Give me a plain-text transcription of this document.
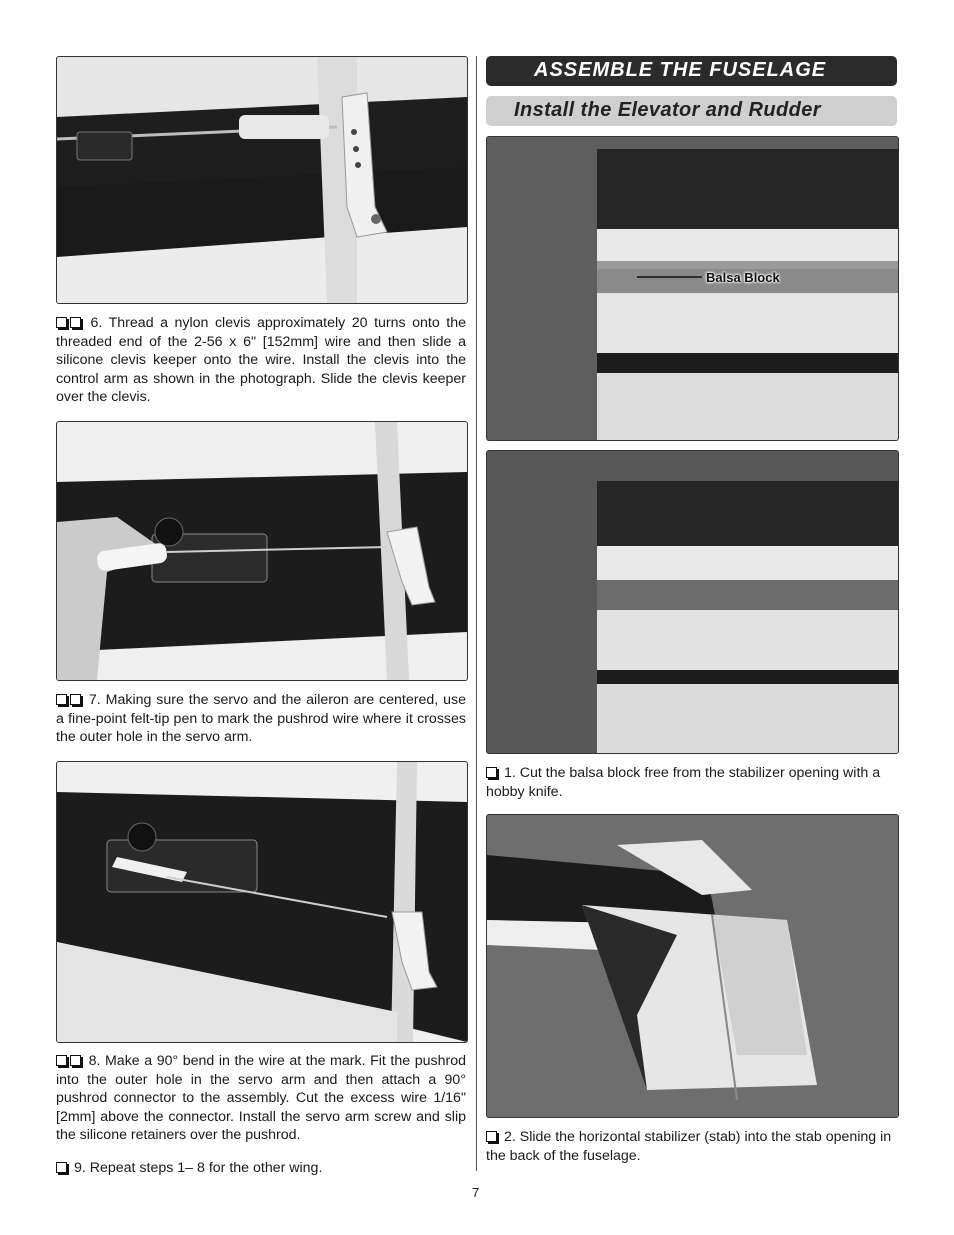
6. Thread a nylon clevis approximately 20 turns onto the threaded end of the 2-56 x 6" [152mm] wire and then slide a silicone clevis keeper onto the wire. Install the clevis into the control arm as shown in the photograph. Slide the clevis keeper over the clevis.
7. Making sure the servo and the aileron are centered, use a fine-point felt-tip pen to mark the pushrod wire where it crosses the outer hole in the servo arm.
8. Make a 90° bend in the wire at the mark. Fit the pushrod into the outer hole in the servo arm and then attach a 90° pushrod connector to the assembly. Cut the excess wire 1/16" [2mm] above the connector. Install the servo arm screw and slip the silicone retainers over the pushrod.
9. Repeat steps 1– 8 for the other wing.
ASSEMBLE THE FUSELAGE
Install the Elevator and Rudder
Balsa Block
1. Cut the balsa block free from the stabilizer opening with a hobby knife.
2. Slide the horizontal stabilizer (stab) into the stab opening in the back of the fuselage.
7
